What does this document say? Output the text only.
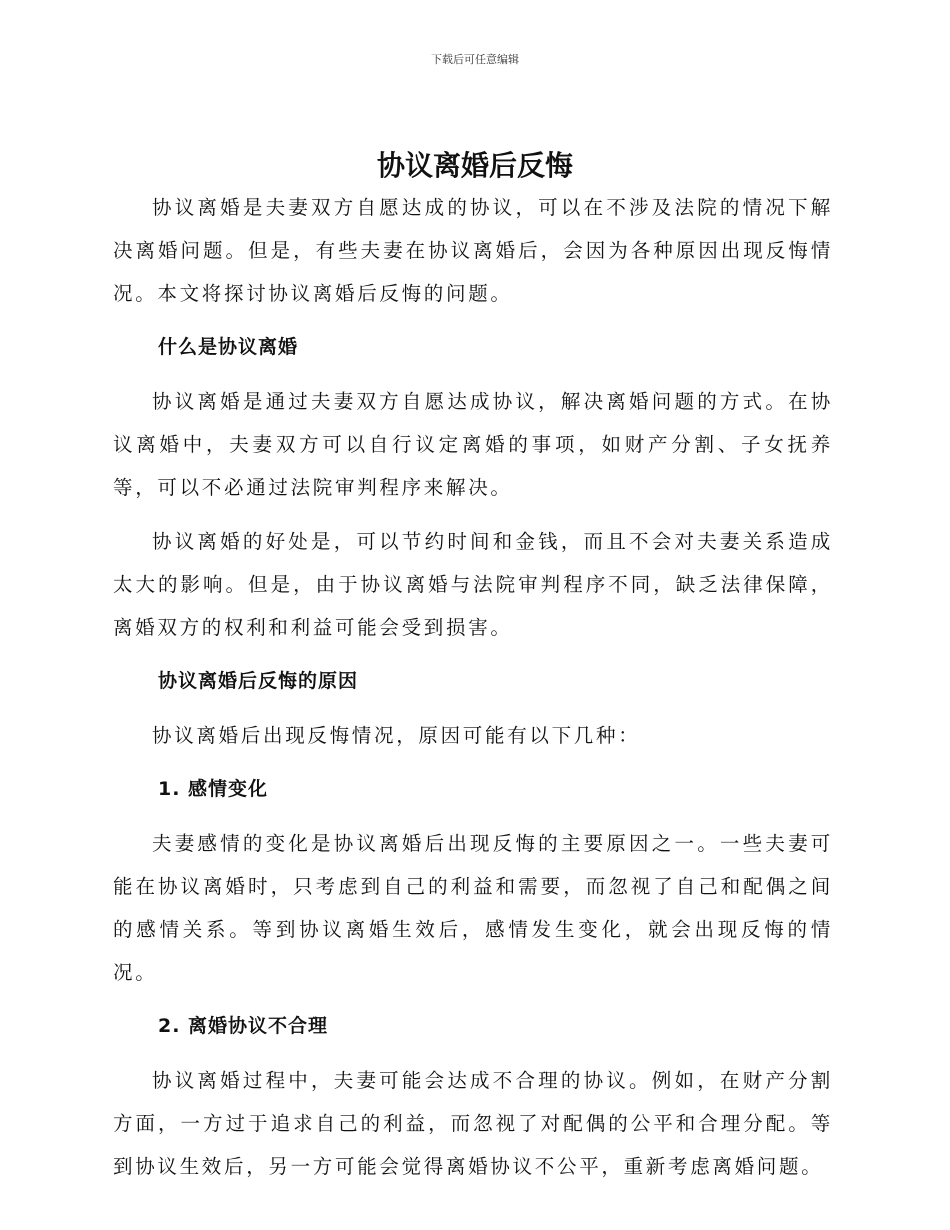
下载后可任意编辑
协议离婚后反悔

协议离婚是夫妻双方自愿达成的协议，可以在不涉及法院的情况下解决离婚问题。但是，有些夫妻在协议离婚后，会因为各种原因出现反悔情况。本文将探讨协议离婚后反悔的问题。

什么是协议离婚

协议离婚是通过夫妻双方自愿达成协议，解决离婚问题的方式。在协议离婚中，夫妻双方可以自行议定离婚的事项，如财产分割、子女抚养等，可以不必通过法院审判程序来解决。

协议离婚的好处是，可以节约时间和金钱，而且不会对夫妻关系造成太大的影响。但是，由于协议离婚与法院审判程序不同，缺乏法律保障，离婚双方的权利和利益可能会受到损害。

协议离婚后反悔的原因

协议离婚后出现反悔情况，原因可能有以下几种：

1. 感情变化

夫妻感情的变化是协议离婚后出现反悔的主要原因之一。一些夫妻可能在协议离婚时，只考虑到自己的利益和需要，而忽视了自己和配偶之间的感情关系。等到协议离婚生效后，感情发生变化，就会出现反悔的情况。

2. 离婚协议不合理

协议离婚过程中，夫妻可能会达成不合理的协议。例如，在财产分割方面，一方过于追求自己的利益，而忽视了对配偶的公平和合理分配。等到协议生效后，另一方可能会觉得离婚协议不公平，重新考虑离婚问题。
